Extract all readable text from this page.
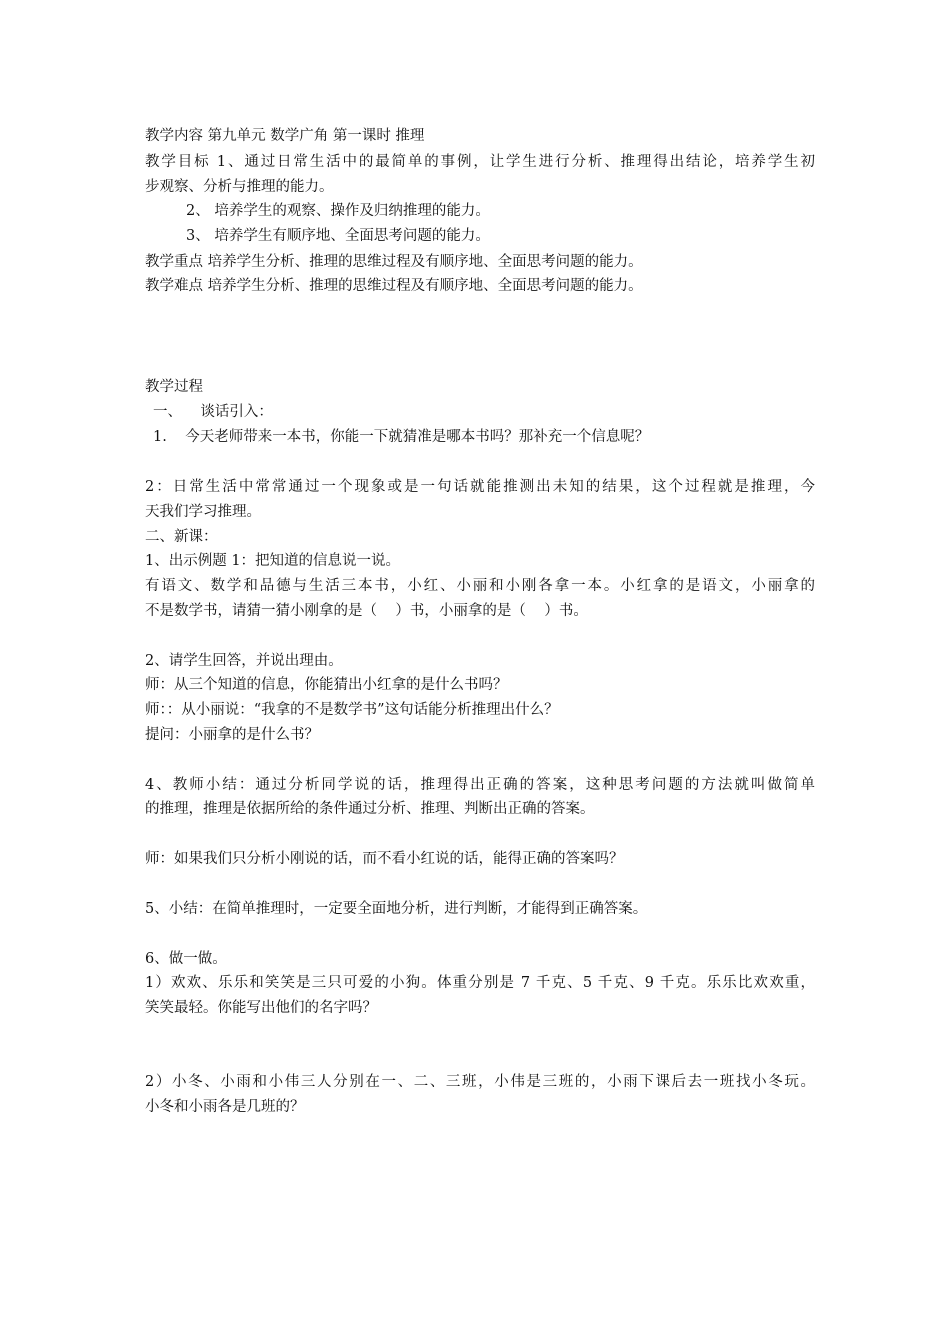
教学内容 第九单元 数学广角 第一课时 推理
教学目标 1、通过日常生活中的最简单的事例，让学生进行分析、推理得出结论，培养学生初
步观察、分析与推理的能力。
2、 培养学生的观察、操作及归纳推理的能力。
3、 培养学生有顺序地、全面思考问题的能力。
教学重点 培养学生分析、推理的思维过程及有顺序地、全面思考问题的能力。
教学难点 培养学生分析、推理的思维过程及有顺序地、全面思考问题的能力。
教学过程
一、    谈话引入：
1.    今天老师带来一本书，你能一下就猜准是哪本书吗？那补充一个信息呢？
2：日常生活中常常通过一个现象或是一句话就能推测出未知的结果，这个过程就是推理，今
天我们学习推理。
二、新课：
1、出示例题 1：把知道的信息说一说。
有语文、数学和品德与生活三本书，小红、小丽和小刚各拿一本。小红拿的是语文，小丽拿的
不是数学书，请猜一猜小刚拿的是（    ）书，小丽拿的是（    ）书。
2、请学生回答，并说出理由。
师：从三个知道的信息，你能猜出小红拿的是什么书吗？
师：：从小丽说：“我拿的不是数学书”这句话能分析推理出什么？
提问：小丽拿的是什么书？
4、教师小结：通过分析同学说的话，推理得出正确的答案，这种思考问题的方法就叫做简单
的推理，推理是依据所给的条件通过分析、推理、判断出正确的答案。
师：如果我们只分析小刚说的话，而不看小红说的话，能得正确的答案吗？
5、小结：在简单推理时，一定要全面地分析，进行判断，才能得到正确答案。
6、做一做。
1）欢欢、乐乐和笑笑是三只可爱的小狗。体重分别是 7 千克、5 千克、9 千克。乐乐比欢欢重，
笑笑最轻。你能写出他们的名字吗？
2）小冬、小雨和小伟三人分别在一、二、三班，小伟是三班的，小雨下课后去一班找小冬玩。
小冬和小雨各是几班的？
